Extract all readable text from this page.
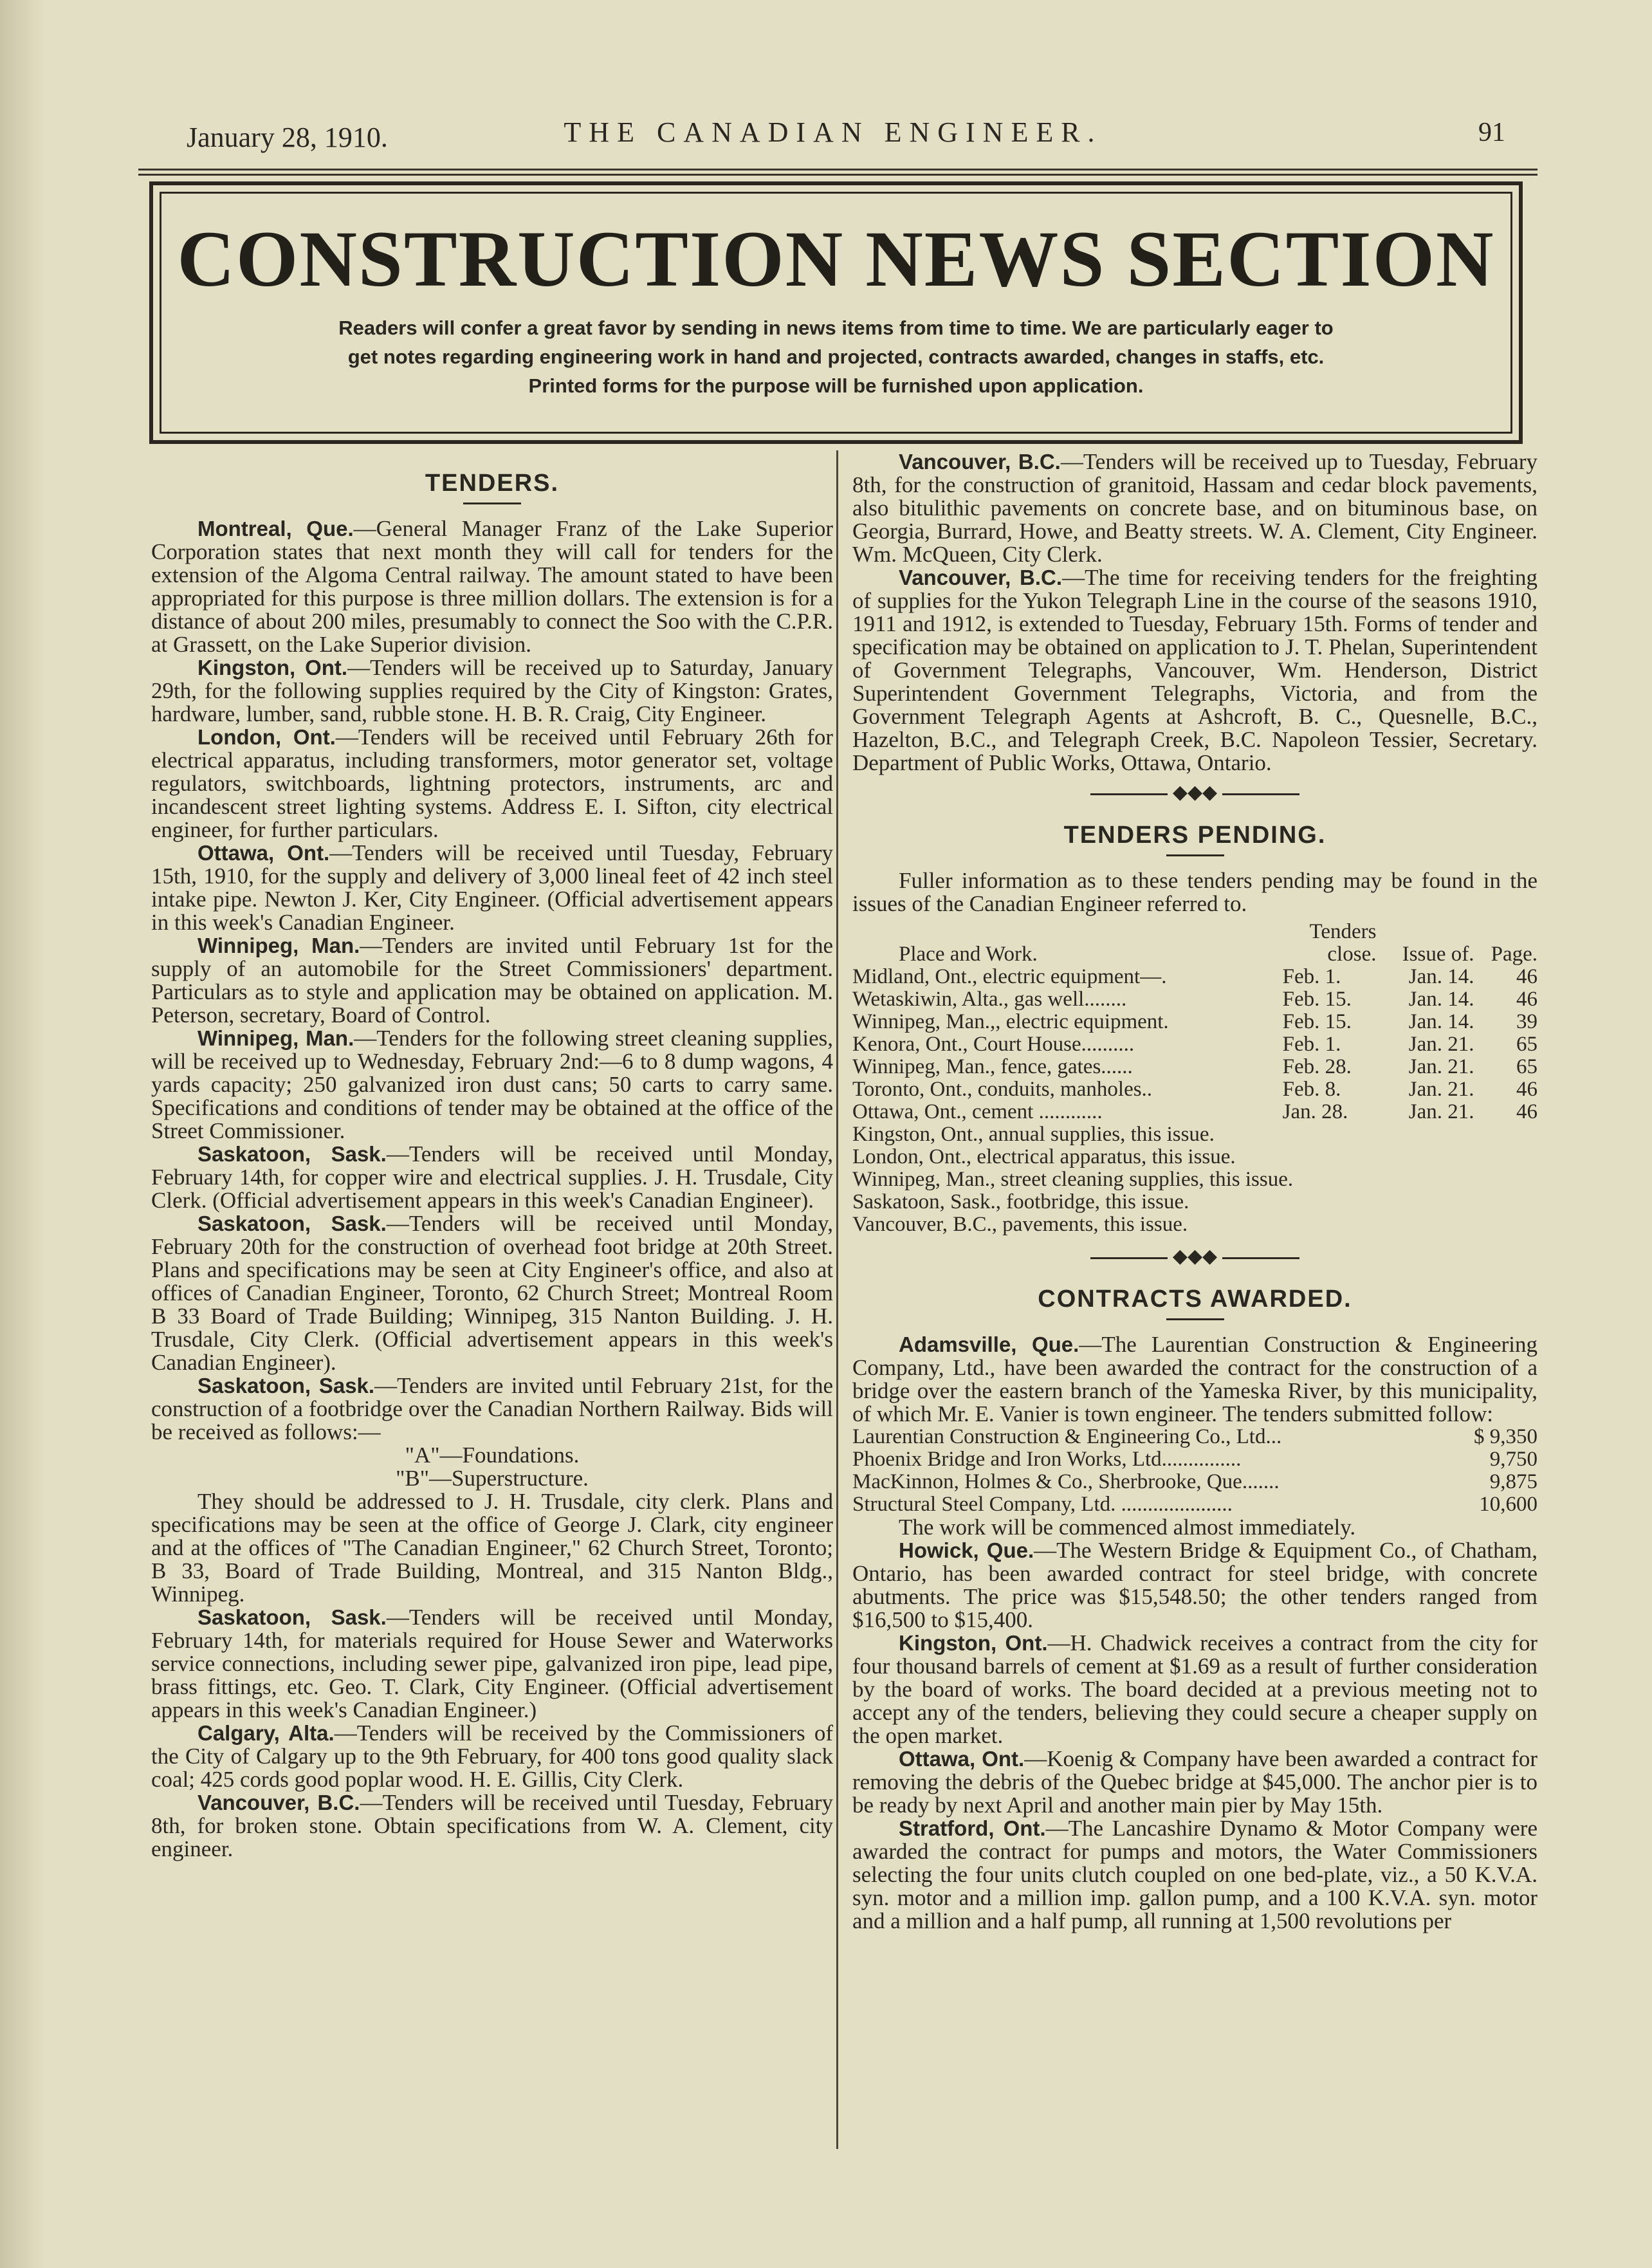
January 28, 1910.	THE CANADIAN ENGINEER.	91
CONSTRUCTION NEWS SECTION
Readers will confer a great favor by sending in news items from time to time. We are particularly eager to
get notes regarding engineering work in hand and projected, contracts awarded, changes in staffs, etc.
Printed forms for the purpose will be furnished upon application.
TENDERS.
Montreal, Que.—General Manager Franz of the Lake Superior Corporation states that next month they will call for tenders for the extension of the Algoma Central railway. The amount stated to have been appropriated for this purpose is three million dollars. The extension is for a distance of about 200 miles, presumably to connect the Soo with the C.P.R. at Grassett, on the Lake Superior division.
Kingston, Ont.—Tenders will be received up to Saturday, January 29th, for the following supplies required by the City of Kingston: Grates, hardware, lumber, sand, rubble stone. H. B. R. Craig, City Engineer.
London, Ont.—Tenders will be received until February 26th for electrical apparatus, including transformers, motor generator set, voltage regulators, switchboards, lightning protectors, instruments, arc and incandescent street lighting systems. Address E. I. Sifton, city electrical engineer, for further particulars.
Ottawa, Ont.—Tenders will be received until Tuesday, February 15th, 1910, for the supply and delivery of 3,000 lineal feet of 42 inch steel intake pipe. Newton J. Ker, City Engineer. (Official advertisement appears in this week's Canadian Engineer.
Winnipeg, Man.—Tenders are invited until February 1st for the supply of an automobile for the Street Commissioners' department. Particulars as to style and application may be obtained on application. M. Peterson, secretary, Board of Control.
Winnipeg, Man.—Tenders for the following street cleaning supplies, will be received up to Wednesday, February 2nd:—6 to 8 dump wagons, 4 yards capacity; 250 galvanized iron dust cans; 50 carts to carry same. Specifications and conditions of tender may be obtained at the office of the Street Commissioner.
Saskatoon, Sask.—Tenders will be received until Monday, February 14th, for copper wire and electrical supplies. J. H. Trusdale, City Clerk. (Official advertisement appears in this week's Canadian Engineer).
Saskatoon, Sask.—Tenders will be received until Monday, February 20th for the construction of overhead foot bridge at 20th Street. Plans and specifications may be seen at City Engineer's office, and also at offices of Canadian Engineer, Toronto, 62 Church Street; Montreal Room B 33 Board of Trade Building; Winnipeg, 315 Nanton Building. J. H. Trusdale, City Clerk. (Official advertisement appears in this week's Canadian Engineer).
Saskatoon, Sask.—Tenders are invited until February 21st, for the construction of a footbridge over the Canadian Northern Railway. Bids will be received as follows:—
"A"—Foundations.
"B"—Superstructure.
They should be addressed to J. H. Trusdale, city clerk. Plans and specifications may be seen at the office of George J. Clark, city engineer and at the offices of "The Canadian Engineer," 62 Church Street, Toronto; B 33, Board of Trade Building, Montreal, and 315 Nanton Bldg., Winnipeg.
Saskatoon, Sask.—Tenders will be received until Monday, February 14th, for materials required for House Sewer and Waterworks service connections, including sewer pipe, galvanized iron pipe, lead pipe, brass fittings, etc. Geo. T. Clark, City Engineer. (Official advertisement appears in this week's Canadian Engineer.)
Calgary, Alta.—Tenders will be received by the Commissioners of the City of Calgary up to the 9th February, for 400 tons good quality slack coal; 425 cords good poplar wood. H. E. Gillis, City Clerk.
Vancouver, B.C.—Tenders will be received until Tuesday, February 8th, for broken stone. Obtain specifications from W. A. Clement, city engineer.
Vancouver, B.C.—Tenders will be received up to Tuesday, February 8th, for the construction of granitoid, Hassam and cedar block pavements, also bitulithic pavements on concrete base, and on bituminous base, on Georgia, Burrard, Howe, and Beatty streets. W. A. Clement, City Engineer. Wm. McQueen, City Clerk.
Vancouver, B.C.—The time for receiving tenders for the freighting of supplies for the Yukon Telegraph Line in the course of the seasons 1910, 1911 and 1912, is extended to Tuesday, February 15th. Forms of tender and specification may be obtained on application to J. T. Phelan, Superintendent of Government Telegraphs, Vancouver, Wm. Henderson, District Superintendent Government Telegraphs, Victoria, and from the Government Telegraph Agents at Ashcroft, B. C., Quesnelle, B.C., Hazelton, B.C., and Telegraph Creek, B.C. Napoleon Tessier, Secretary. Department of Public Works, Ottawa, Ontario.
◆◆◆
TENDERS PENDING.
Fuller information as to these tenders pending may be found in the issues of the Canadian Engineer referred to.
	Tenders		
Place and Work.	close.	Issue of.	Page.
Midland, Ont., electric equipment—.	Feb. 1.	Jan. 14.	46
Wetaskiwin, Alta., gas well........	Feb. 15.	Jan. 14.	46
Winnipeg, Man.,, electric equipment.	Feb. 15.	Jan. 14.	39
Kenora, Ont., Court House..........	Feb. 1.	Jan. 21.	65
Winnipeg, Man., fence, gates......	Feb. 28.	Jan. 21.	65
Toronto, Ont., conduits, manholes..	Feb. 8.	Jan. 21.	46
Ottawa, Ont., cement ............	Jan. 28.	Jan. 21.	46
Kingston, Ont., annual supplies, this issue.
London, Ont., electrical apparatus, this issue.
Winnipeg, Man., street cleaning supplies, this issue.
Saskatoon, Sask., footbridge, this issue.
Vancouver, B.C., pavements, this issue.
◆◆◆
CONTRACTS AWARDED.
Adamsville, Que.—The Laurentian Construction & Engineering Company, Ltd., have been awarded the contract for the construction of a bridge over the eastern branch of the Yameska River, by this municipality, of which Mr. E. Vanier is town engineer. The tenders submitted follow:
Laurentian Construction & Engineering Co., Ltd...	$ 9,350
Phoenix Bridge and Iron Works, Ltd...............	9,750
MacKinnon, Holmes & Co., Sherbrooke, Que.......	9,875
Structural Steel Company, Ltd. .....................	10,600
The work will be commenced almost immediately.
Howick, Que.—The Western Bridge & Equipment Co., of Chatham, Ontario, has been awarded contract for steel bridge, with concrete abutments. The price was $15,548.50; the other tenders ranged from $16,500 to $15,400.
Kingston, Ont.—H. Chadwick receives a contract from the city for four thousand barrels of cement at $1.69 as a result of further consideration by the board of works. The board decided at a previous meeting not to accept any of the tenders, believing they could secure a cheaper supply on the open market.
Ottawa, Ont.—Koenig & Company have been awarded a contract for removing the debris of the Quebec bridge at $45,000. The anchor pier is to be ready by next April and another main pier by May 15th.
Stratford, Ont.—The Lancashire Dynamo & Motor Company were awarded the contract for pumps and motors, the Water Commissioners selecting the four units clutch coupled on one bed-plate, viz., a 50 K.V.A. syn. motor and a million imp. gallon pump, and a 100 K.V.A. syn. motor and a million and a half pump, all running at 1,500 revolutions per
